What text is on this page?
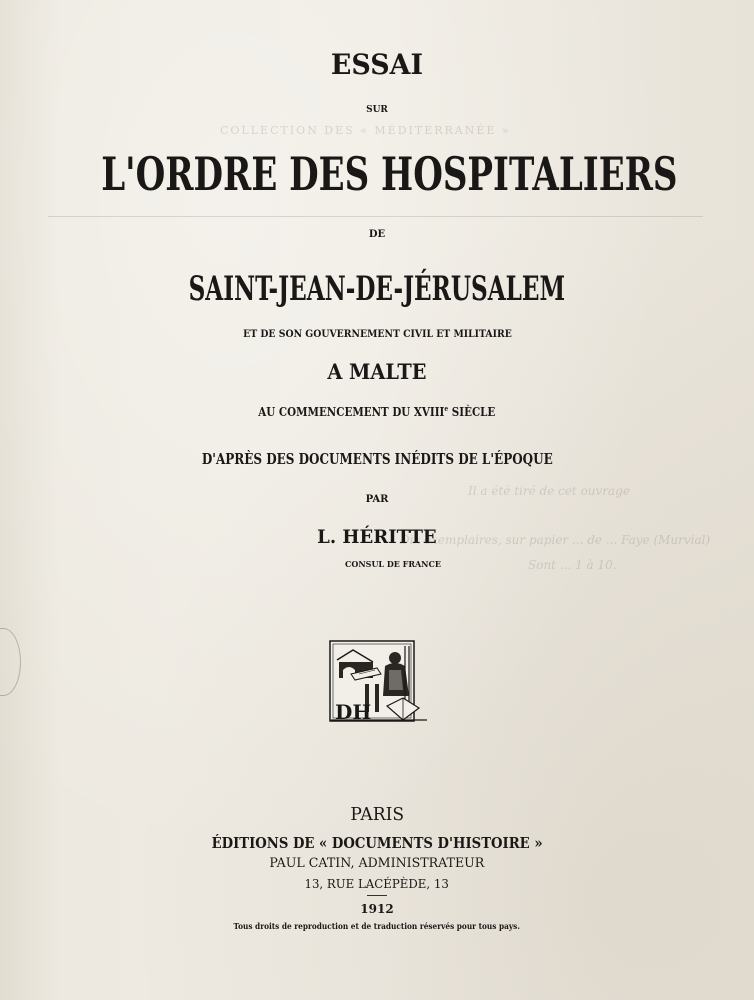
COLLECTION DES « MÉDITERRANÉE »
Il a été tiré de cet ouvrage
Dix exemplaires, sur papier ... de ... Faye (Murvial)
Sont ... 1 à 10.
ESSAI
SUR
L'ORDRE DES HOSPITALIERS
DE
SAINT-JEAN-DE-JÉRUSALEM
ET DE SON GOUVERNEMENT CIVIL ET MILITAIRE
A MALTE
AU COMMENCEMENT DU XVIIIe SIÈCLE
D'APRÈS DES DOCUMENTS INÉDITS DE L'ÉPOQUE
PAR
L. HÉRITTE
CONSUL DE FRANCE
DH
PARIS
ÉDITIONS DE « DOCUMENTS D'HISTOIRE »
PAUL CATIN, ADMINISTRATEUR
13, RUE LACÉPÈDE, 13
1912
Tous droits de reproduction et de traduction réservés pour tous pays.
